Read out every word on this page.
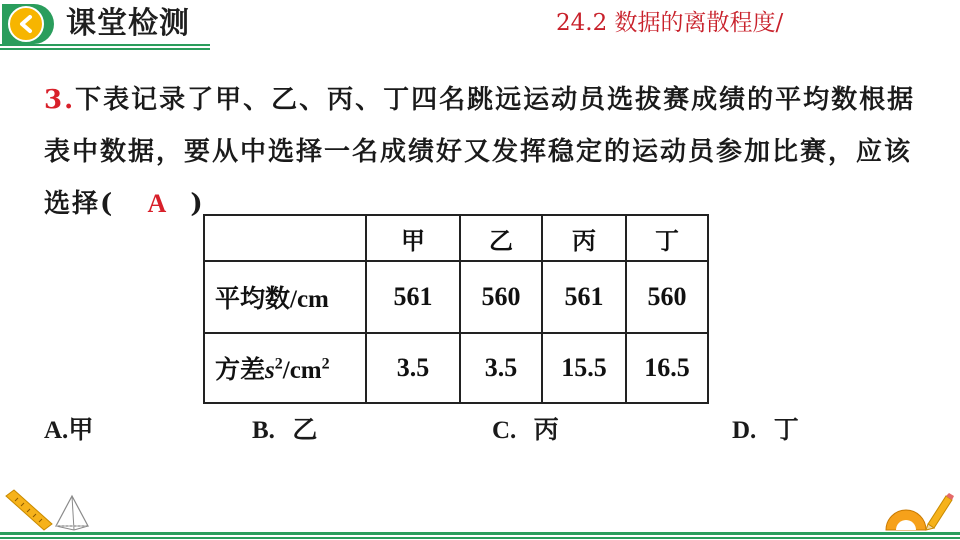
课堂检测	24.2 数据的离散程度/
3.下表记录了甲、乙、丙、丁四名跳远运动员选拔赛成绩的平均数根据表中数据，要从中选择一名成绩好又发挥稳定的运动员参加比赛，应该选择( A )
	甲	乙	丙	丁
平均数/cm	561	560	561	560
方差$s^2/cm^2$	3.5	3.5	15.5	16.5
A.甲	B. 乙	C. 丙	D. 丁
